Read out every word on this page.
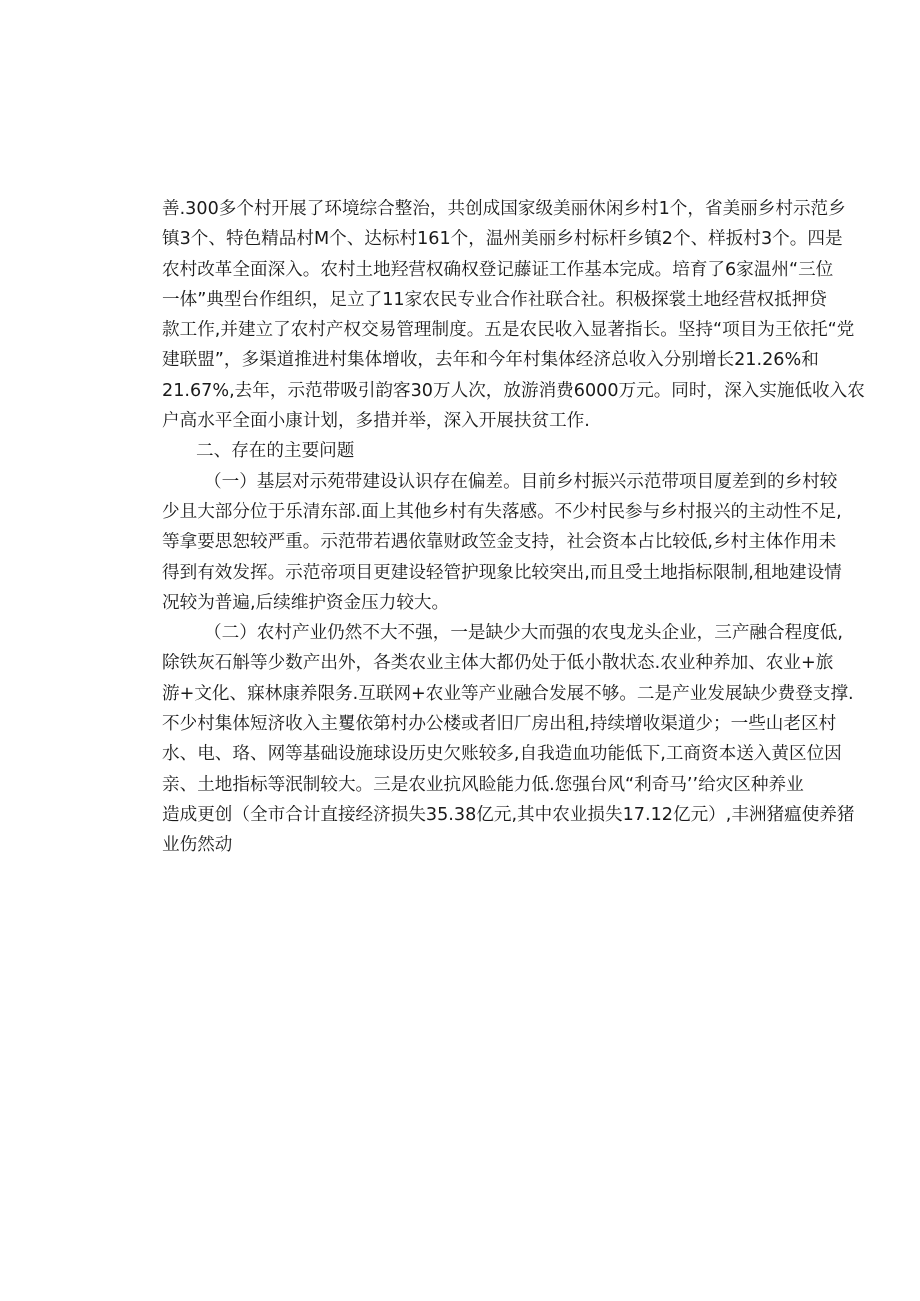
善.300多个村开展了环境综合整治，共创成国家级美丽休闲乡村1个，省美丽乡村示范乡
镇3个、特色精品村M个、达标村161个，温州美丽乡村标杆乡镇2个、样扳村3个。四是
农村改革全面深入。农村土地羟营权确权登记藤证工作基本完成。培育了6家温州“三位
一体”典型台作组织，足立了11家农民专业合作社联合社。积极探裳土地经营权抵押贷
款工作,并建立了农村产权交易管理制度。五是农民收入显著指长。坚持“项目为王依托“党
建联盟”，多渠道推进村集体增收，去年和今年村集体经济总收入分别增长21.26%和
21.67%,去年，示范带吸引韵客30万人次，放游消费6000万元。同时，深入实施低收入农
户高水平全面小康计划，多措并举，深入开展扶贫工作.
二、存在的主要问题
（一）基层对示苑带建设认识存在偏差。目前乡村振兴示范带项目厦差到的乡村较
少且大部分位于乐清东部.面上其他乡村有失落感。不少村民参与乡村报兴的主动性不足,
等拿要思恕较严重。示范带若遇依靠财政笠金支持，社会资本占比较低,乡村主体作用未
得到有效发挥。示范帝项目更建设轻管护现象比较突出,而且受土地指标限制,租地建设情
况较为普遍,后续维护资金压力较大。
（二）农村产业仍然不大不强，一是缺少大而强的农曳龙头企业，三产融合程度低,
除铁灰石斛等少数产出外，各类农业主体大都仍处于低小散状态.农业种养加、农业+旅
游+文化、寐林康养限务.互联网+农业等产业融合发展不够。二是产业发展缺少费登支撑.
不少村集体短济收入主矍依第村办公楼或者旧厂房出租,持续增收渠道少；一些山老区村
水、电、珞、网等基础设施球设历史欠账较多,自我造血功能低下,工商资本送入黄区位因
亲、土地指标等泯制较大。三是农业抗风睑能力低.您强台风“利奇马’’给灾区种养业
造成更创（全市合计直接经济损失35.38亿元,其中农业损失17.12亿元）,丰洲猪瘟使养猪
业伤然动
